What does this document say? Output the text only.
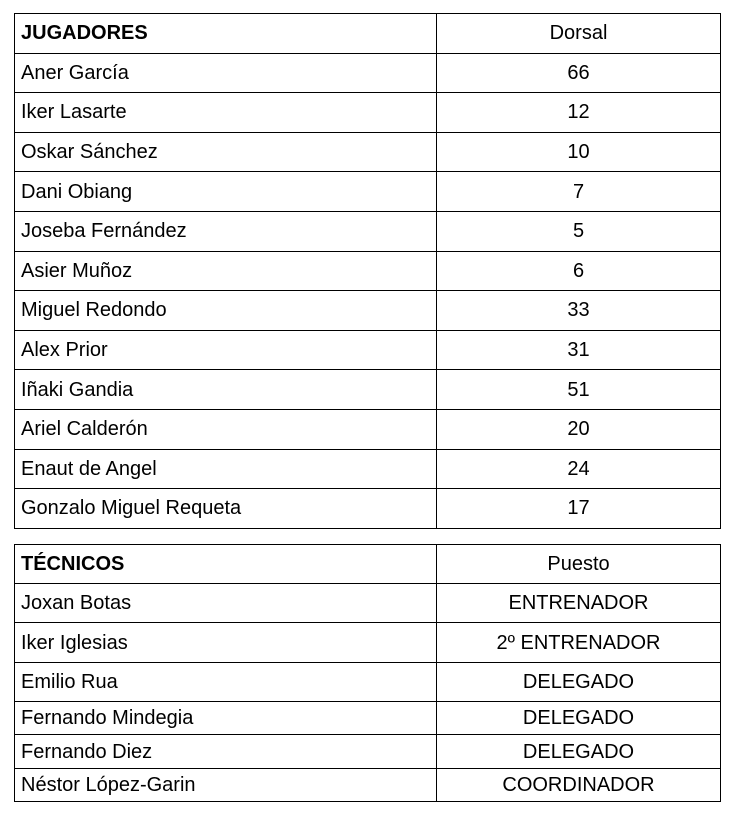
JUGADORES	Dorsal
Aner García	66
Iker Lasarte	12
Oskar Sánchez	10
Dani Obiang	7
Joseba Fernández	5
Asier Muñoz	6
Miguel Redondo	33
Alex Prior	31
Iñaki Gandia	51
Ariel Calderón	20
Enaut de Angel	24
Gonzalo Miguel Requeta	17
TÉCNICOS	Puesto
Joxan Botas	ENTRENADOR
Iker Iglesias	2º ENTRENADOR
Emilio Rua	DELEGADO
Fernando Mindegia	DELEGADO
Fernando Diez	DELEGADO
Néstor López-Garin	COORDINADOR
